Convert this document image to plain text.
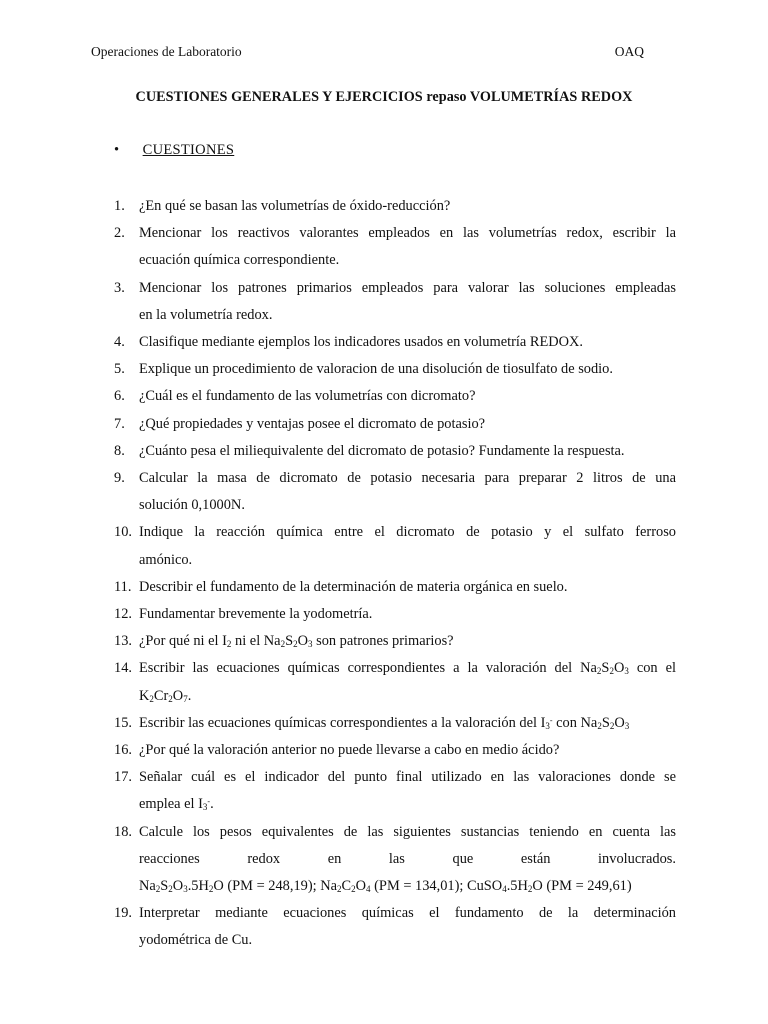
Operaciones de Laboratorio	OAQ
CUESTIONES GENERALES Y EJERCICIOS repaso VOLUMETRÍAS REDOX
• CUESTIONES
1. ¿En qué se basan las volumetrías de óxido-reducción?
2. Mencionar los reactivos valorantes empleados en las volumetrías redox, escribir la
ecuación química correspondiente.
3. Mencionar los patrones primarios empleados para valorar las soluciones empleadas
en la volumetría redox.
4. Clasifique mediante ejemplos los indicadores usados en volumetría REDOX.
5. Explique un procedimiento de valoracion de una disolución de tiosulfato de sodio.
6. ¿Cuál es el fundamento de las volumetrías con dicromato?
7. ¿Qué propiedades y ventajas posee el dicromato de potasio?
8. ¿Cuánto pesa el miliequivalente del dicromato de potasio? Fundamente la respuesta.
9. Calcular la masa de dicromato de potasio necesaria para preparar 2 litros de una
solución 0,1000N.
10. Indique la reacción química entre el dicromato de potasio y el sulfato ferroso
amónico.
11. Describir el fundamento de la determinación de materia orgánica en suelo.
12. Fundamentar brevemente la yodometría.
13. ¿Por qué ni el $I_2$ ni el $Na_2S_2O_3$ son patrones primarios?
14. Escribir las ecuaciones químicas correspondientes a la valoración del $Na_2S_2O_3$ con el
$K_2Cr_2O_7$.
15. Escribir las ecuaciones químicas correspondientes a la valoración del $I_3^-$ con $Na_2S_2O_3$
16. ¿Por qué la valoración anterior no puede llevarse a cabo en medio ácido?
17. Señalar cuál es el indicador del punto final utilizado en las valoraciones donde se
emplea el $I_3^-$.
18. Calcule los pesos equivalentes de las siguientes sustancias teniendo en cuenta las
reacciones redox en las que están involucrados.
$Na_2S_2O_3.5H_2O$ (PM = 248,19); $Na_2C_2O_4$ (PM = 134,01); $CuSO_4.5H_2O$ (PM = 249,61)
19. Interpretar mediante ecuaciones químicas el fundamento de la determinación
yodométrica de Cu.
